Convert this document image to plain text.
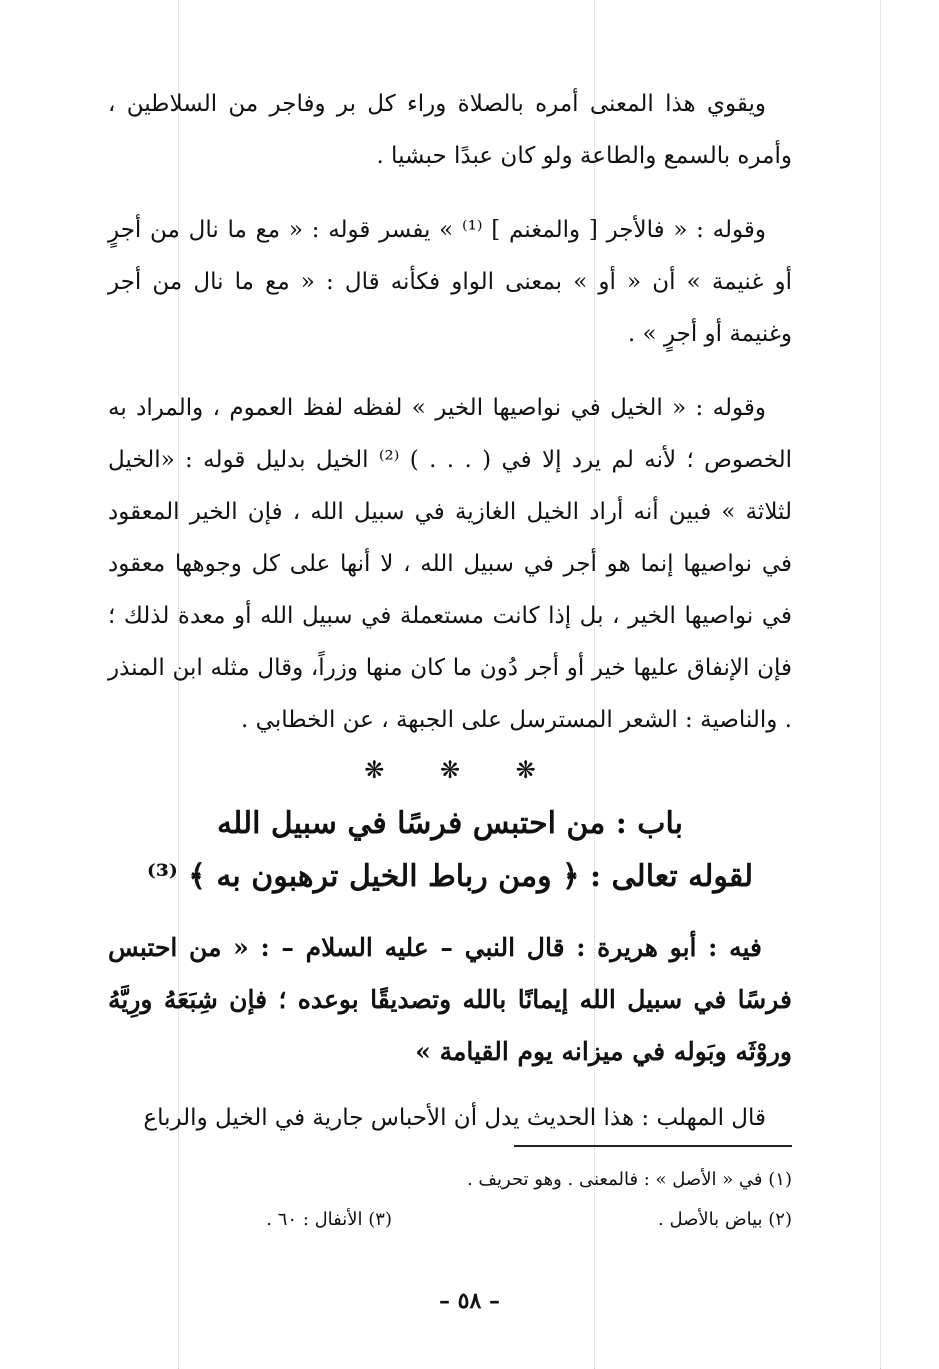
ويقوي هذا المعنى أمره بالصلاة وراء كل بر وفاجر من السلاطين ، وأمره بالسمع والطاعة ولو كان عبدًا حبشيا .

وقوله : « فالأجر [ والمغنم ] ⁽¹⁾ » يفسر قوله : « مع ما نال من أجرٍ أو غنيمة » أن « أو » بمعنى الواو فكأنه قال : « مع ما نال من أجر وغنيمة أو أجرٍ » .

وقوله : « الخيل في نواصيها الخير » لفظه لفظ العموم ، والمراد به الخصوص ؛ لأنه لم يرد إلا في ( . . . ) ⁽²⁾ الخيل بدليل قوله : «الخيل لثلاثة » فبين أنه أراد الخيل الغازية في سبيل الله ، فإن الخير المعقود في نواصيها إنما هو أجر في سبيل الله ، لا أنها على كل وجوهها معقود في نواصيها الخير ، بل إذا كانت مستعملة في سبيل الله أو معدة لذلك ؛ فإن الإنفاق عليها خير أو أجر دُون ما كان منها وزراً، وقال مثله ابن المنذر . والناصية : الشعر المسترسل على الجبهة ، عن الخطابي .

❋ ❋ ❋
باب : من احتبس فرسًا في سبيل الله
لقوله تعالى : ﴿ ومن رباط الخيل ترهبون به ﴾ ⁽³⁾

فيه : أبو هريرة : قال النبي – عليه السلام – : « من احتبس فرسًا في سبيل الله إيمانًا بالله وتصديقًا بوعده ؛ فإن شِبَعَهُ ورِيَّهُ وروْثَه وبَوله في ميزانه يوم القيامة »

قال المهلب : هذا الحديث يدل أن الأحباس جارية في الخيل والرباع

(١) في « الأصل » : فالمعنى . وهو تحريف .
(٢) بياض بالأصل .
(٣) الأنفال : ٦٠ .
– ٥٨ –
